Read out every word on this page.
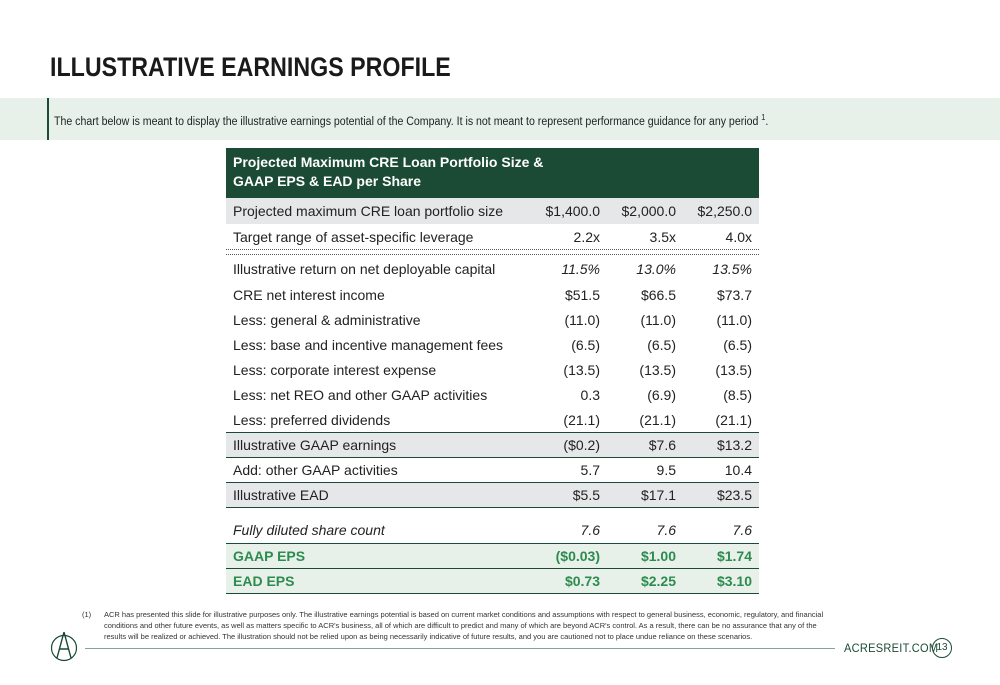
ILLUSTRATIVE EARNINGS PROFILE
The chart below is meant to display the illustrative earnings potential of the Company. It is not meant to represent performance guidance for any period $^1$.
Projected Maximum CRE Loan Portfolio Size &
GAAP EPS & EAD per Share
Projected maximum CRE loan portfolio size	$1,400.0	$2,000.0	$2,250.0
Target range of asset-specific leverage	2.2x	3.5x	4.0x
Illustrative return on net deployable capital	11.5%	13.0%	13.5%
CRE net interest income	$51.5	$66.5	$73.7
Less: general & administrative	(11.0)	(11.0)	(11.0)
Less: base and incentive management fees	(6.5)	(6.5)	(6.5)
Less: corporate interest expense	(13.5)	(13.5)	(13.5)
Less: net REO and other GAAP activities	0.3	(6.9)	(8.5)
Less: preferred dividends	(21.1)	(21.1)	(21.1)
Illustrative GAAP earnings	($0.2)	$7.6	$13.2
Add: other GAAP activities	5.7	9.5	10.4
Illustrative EAD	$5.5	$17.1	$23.5
Fully diluted share count	7.6	7.6	7.6
GAAP EPS	($0.03)	$1.00	$1.74
EAD EPS	$0.73	$2.25	$3.10
(1) ACR has presented this slide for illustrative purposes only. The illustrative earnings potential is based on current market conditions and assumptions with respect to general business, economic, regulatory, and financial conditions and other future events, as well as matters specific to ACR's business, all of which are difficult to predict and many of which are beyond ACR's control. As a result, there can be no assurance that any of the results will be realized or achieved. The illustration should not be relied upon as being necessarily indicative of future results, and you are cautioned not to place undue reliance on these scenarios.
ACRESREIT.COM
13
